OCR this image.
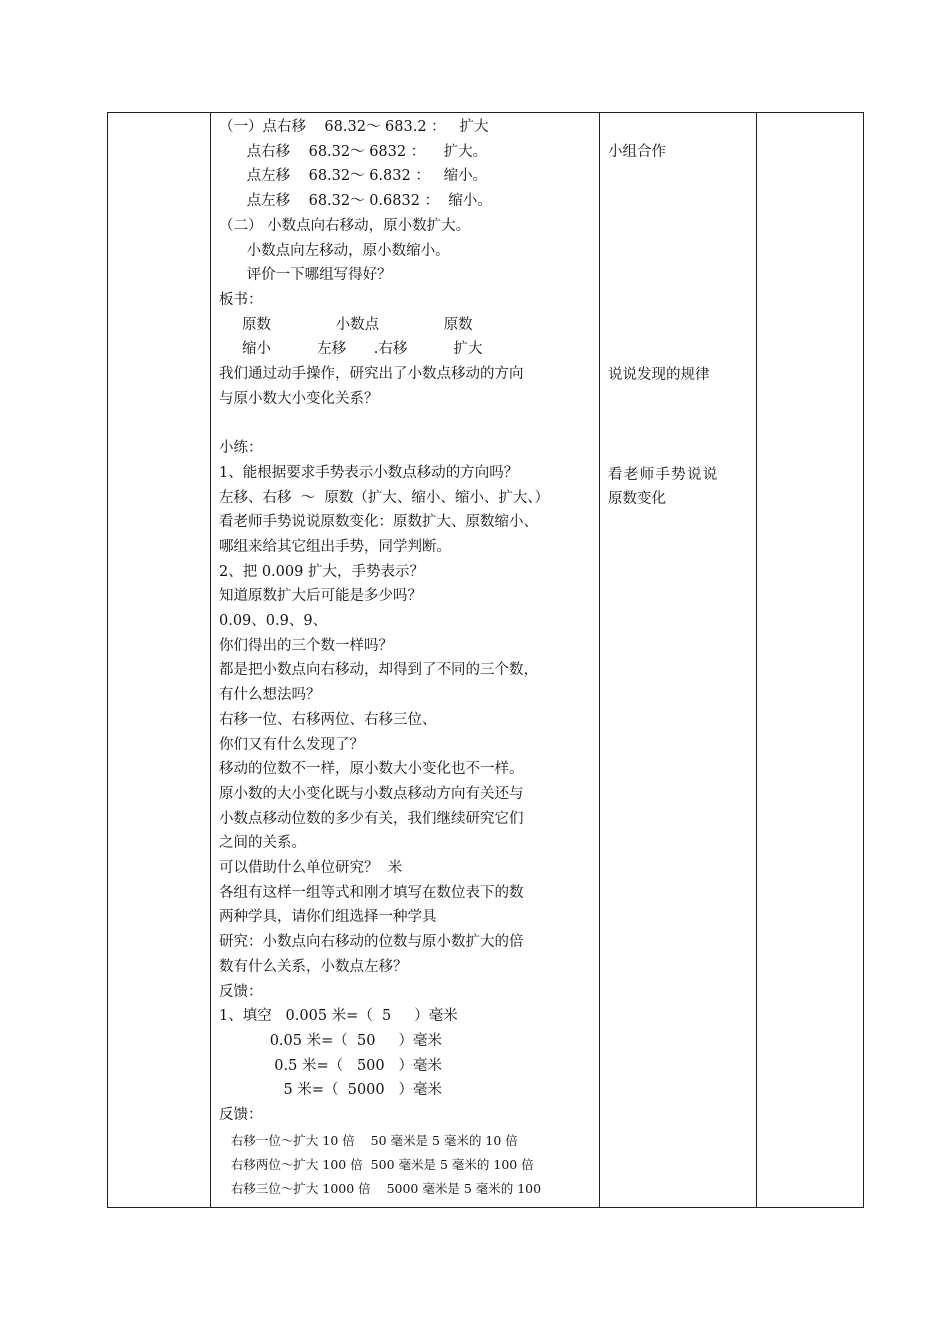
（一）点右移    68.32～ 683.2 ：   扩大
点右移    68.32～ 6832 ：    扩大。
点左移    68.32～ 6.832 ：   缩小。
点左移    68.32～ 0.6832 ：  缩小。
（二） 小数点向右移动，原小数扩大。
小数点向左移动，原小数缩小。
评价一下哪组写得好？
板书：
原数              小数点              原数
缩小          左移      .右移          扩大
我们通过动手操作，研究出了小数点移动的方向
与原小数大小变化关系？
小练：
1、能根据要求手势表示小数点移动的方向吗？
左移、右移  ～  原数（扩大、缩小、缩小、扩大、）
看老师手势说说原数变化：原数扩大、原数缩小、
哪组来给其它组出手势，同学判断。
2、把 0.009 扩大，手势表示？
知道原数扩大后可能是多少吗？
0.09、0.9、9、
你们得出的三个数一样吗？
都是把小数点向右移动，却得到了不同的三个数，
有什么想法吗？
右移一位、右移两位、右移三位、
你们又有什么发现了？
移动的位数不一样，原小数大小变化也不一样。
原小数的大小变化既与小数点移动方向有关还与
小数点移动位数的多少有关，我们继续研究它们
之间的关系。
可以借助什么单位研究？  米
各组有这样一组等式和刚才填写在数位表下的数
两种学具，请你们组选择一种学具
研究：小数点向右移动的位数与原小数扩大的倍
数有什么关系，小数点左移？
反馈：
1、填空   0.005 米=（  5     ）毫米
0.05 米=（  50     ）毫米
0.5 米=（   500   ）毫米
5 米=（  5000   ）毫米
反馈：
右移一位～扩大 10 倍    50 毫米是 5 毫米的 10 倍
右移两位～扩大 100 倍  500 毫米是 5 毫米的 100 倍
右移三位～扩大 1000 倍    5000 毫米是 5 毫米的 100
小组合作
说说发现的规律
看老师手势说说
原数变化
